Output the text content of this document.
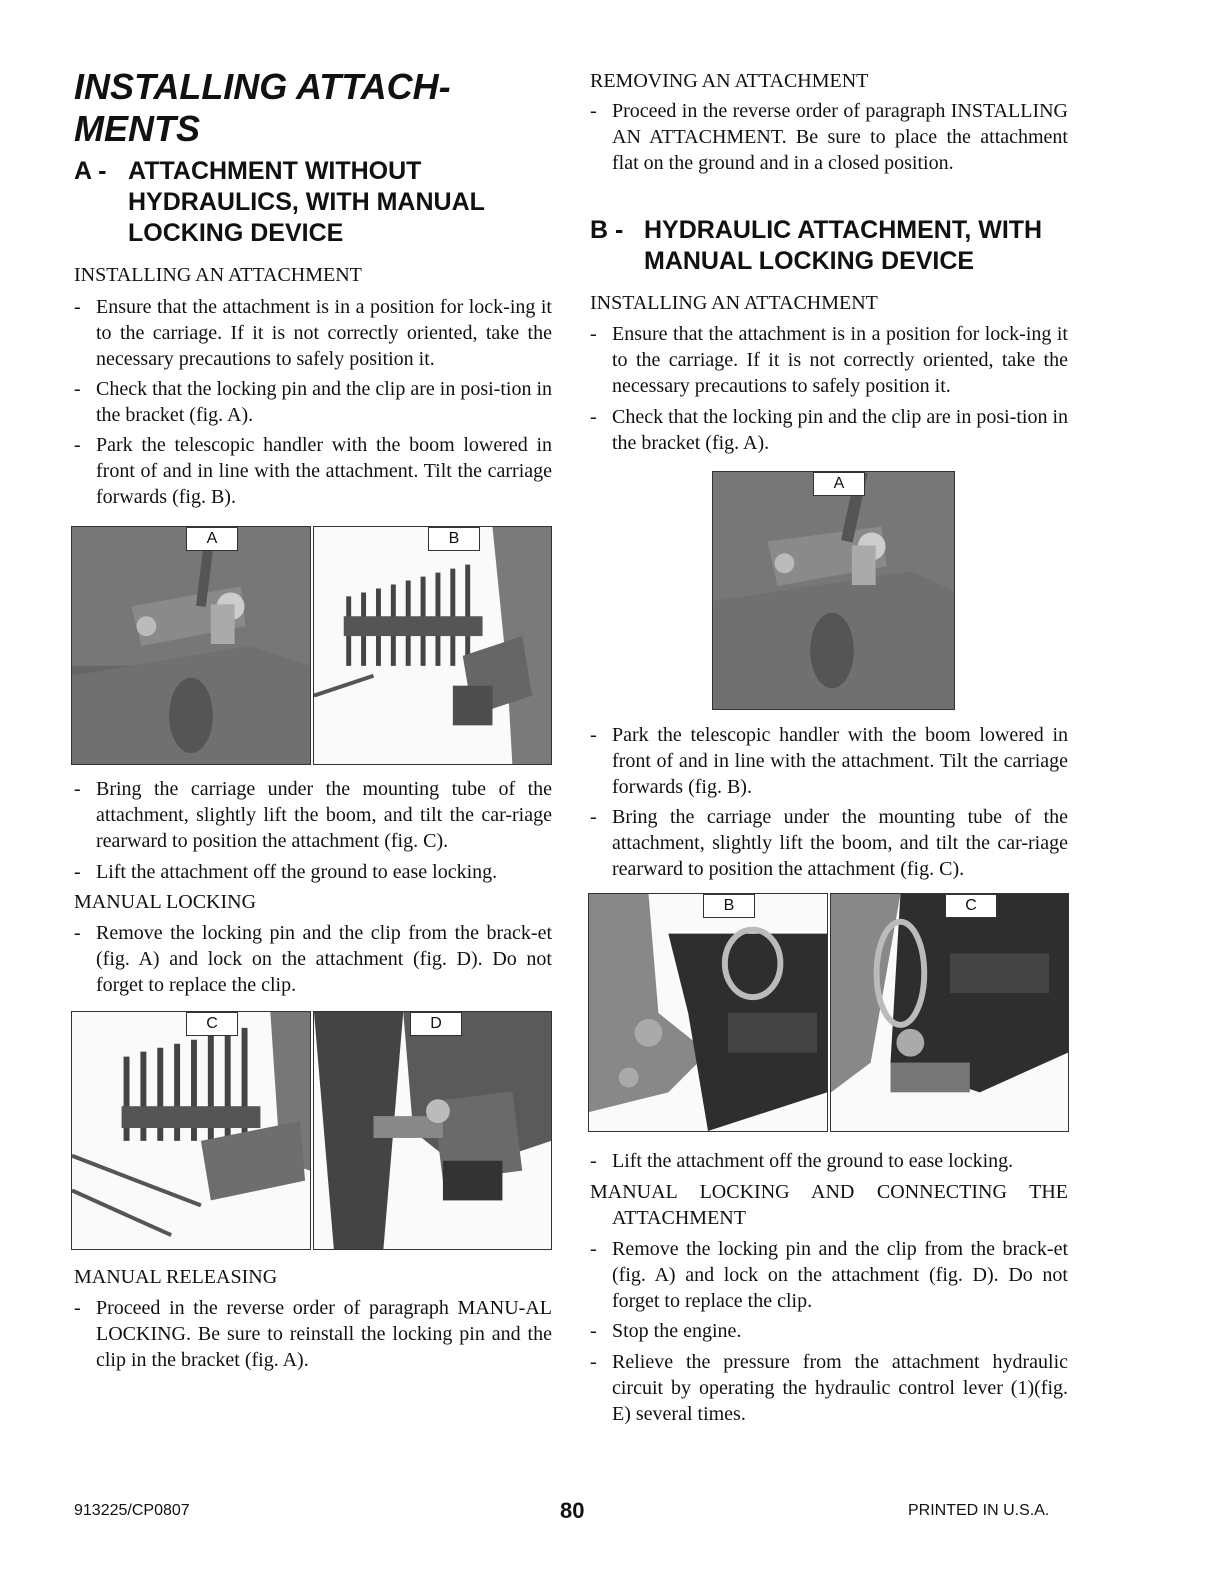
INSTALLING ATTACH-
MENTS
A - ATTACHMENT WITHOUT HYDRAULICS, WITH MANUAL LOCKING DEVICE
INSTALLING AN ATTACHMENT
- Ensure that the attachment is in a position for lock-ing it to the carriage. If it is not correctly oriented, take the necessary precautions to safely position it.
- Check that the locking pin and the clip are in posi-tion in the bracket (fig. A).
- Park the telescopic handler with the boom lowered in front of and in line with the attachment. Tilt the carriage forwards (fig. B).
A	B
- Bring the carriage under the mounting tube of the attachment, slightly lift the boom, and tilt the car-riage rearward to position the attachment (fig. C).
- Lift the attachment off the ground to ease locking.
MANUAL LOCKING
- Remove the locking pin and the clip from the brack-et (fig. A) and lock on the attachment (fig. D). Do not forget to replace the clip.
C	D
MANUAL RELEASING
- Proceed in the reverse order of paragraph MANU-AL LOCKING. Be sure to reinstall the locking pin and the clip in the bracket (fig. A).
REMOVING AN ATTACHMENT
- Proceed in the reverse order of paragraph INSTALLING AN ATTACHMENT. Be sure to place the attachment flat on the ground and in a closed position.
B - HYDRAULIC ATTACHMENT, WITH MANUAL LOCKING DEVICE
INSTALLING AN ATTACHMENT
- Ensure that the attachment is in a position for lock-ing it to the carriage. If it is not correctly oriented, take the necessary precautions to safely position it.
- Check that the locking pin and the clip are in posi-tion in the bracket (fig. A).
A
- Park the telescopic handler with the boom lowered in front of and in line with the attachment. Tilt the carriage forwards (fig. B).
- Bring the carriage under the mounting tube of the attachment, slightly lift the boom, and tilt the car-riage rearward to position the attachment (fig. C).
B	C
- Lift the attachment off the ground to ease locking.
MANUAL LOCKING AND CONNECTING THE
ATTACHMENT
- Remove the locking pin and the clip from the brack-et (fig. A) and lock on the attachment (fig. D). Do not forget to replace the clip.
- Stop the engine.
- Relieve the pressure from the attachment hydraulic circuit by operating the hydraulic control lever (1)(fig. E) several times.
913225/CP0807	80	PRINTED IN U.S.A.
